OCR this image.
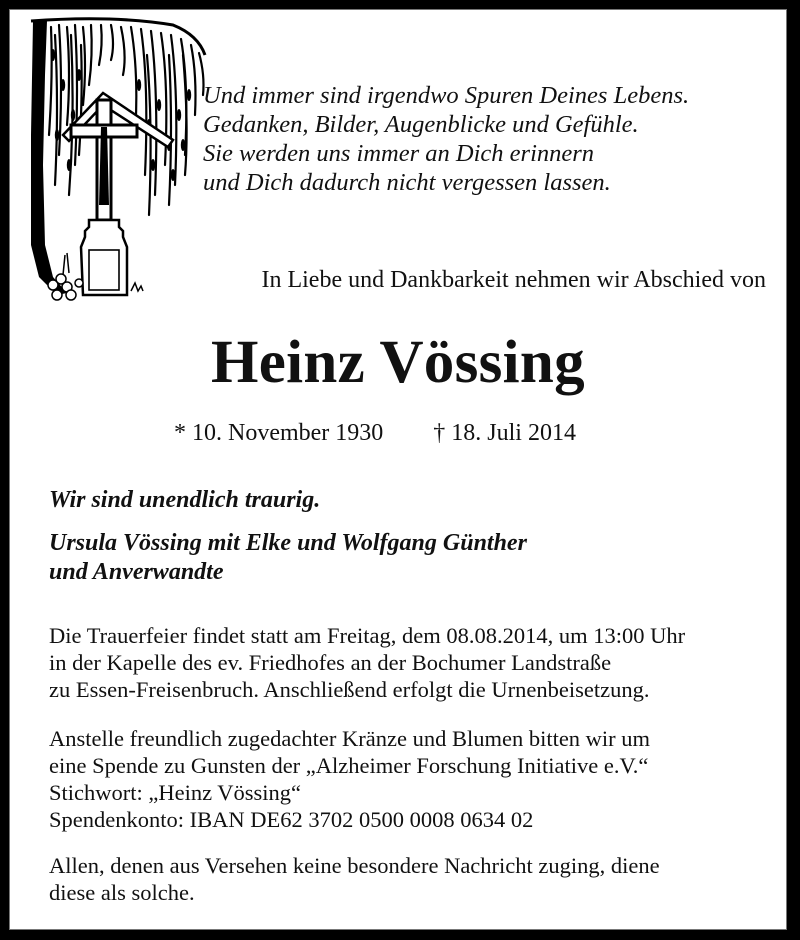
Und immer sind irgendwo Spuren Deines Lebens.
Gedanken, Bilder, Augenblicke und Gefühle.
Sie werden uns immer an Dich erinnern
und Dich dadurch nicht vergessen lassen.
In Liebe und Dankbarkeit nehmen wir Abschied von
Heinz Vössing
* 10. November 1930 † 18. Juli 2014
Wir sind unendlich traurig.
Ursula Vössing mit Elke und Wolfgang Günther
und Anverwandte
Die Trauerfeier findet statt am Freitag, dem 08.08.2014, um 13:00 Uhr
in der Kapelle des ev. Friedhofes an der Bochumer Landstraße
zu Essen-Freisenbruch. Anschließend erfolgt die Urnenbeisetzung.
Anstelle freundlich zugedachter Kränze und Blumen bitten wir um
eine Spende zu Gunsten der „Alzheimer Forschung Initiative e.V.“
Stichwort: „Heinz Vössing“
Spendenkonto: IBAN DE62 3702 0500 0008 0634 02
Allen, denen aus Versehen keine besondere Nachricht zuging, diene
diese als solche.
